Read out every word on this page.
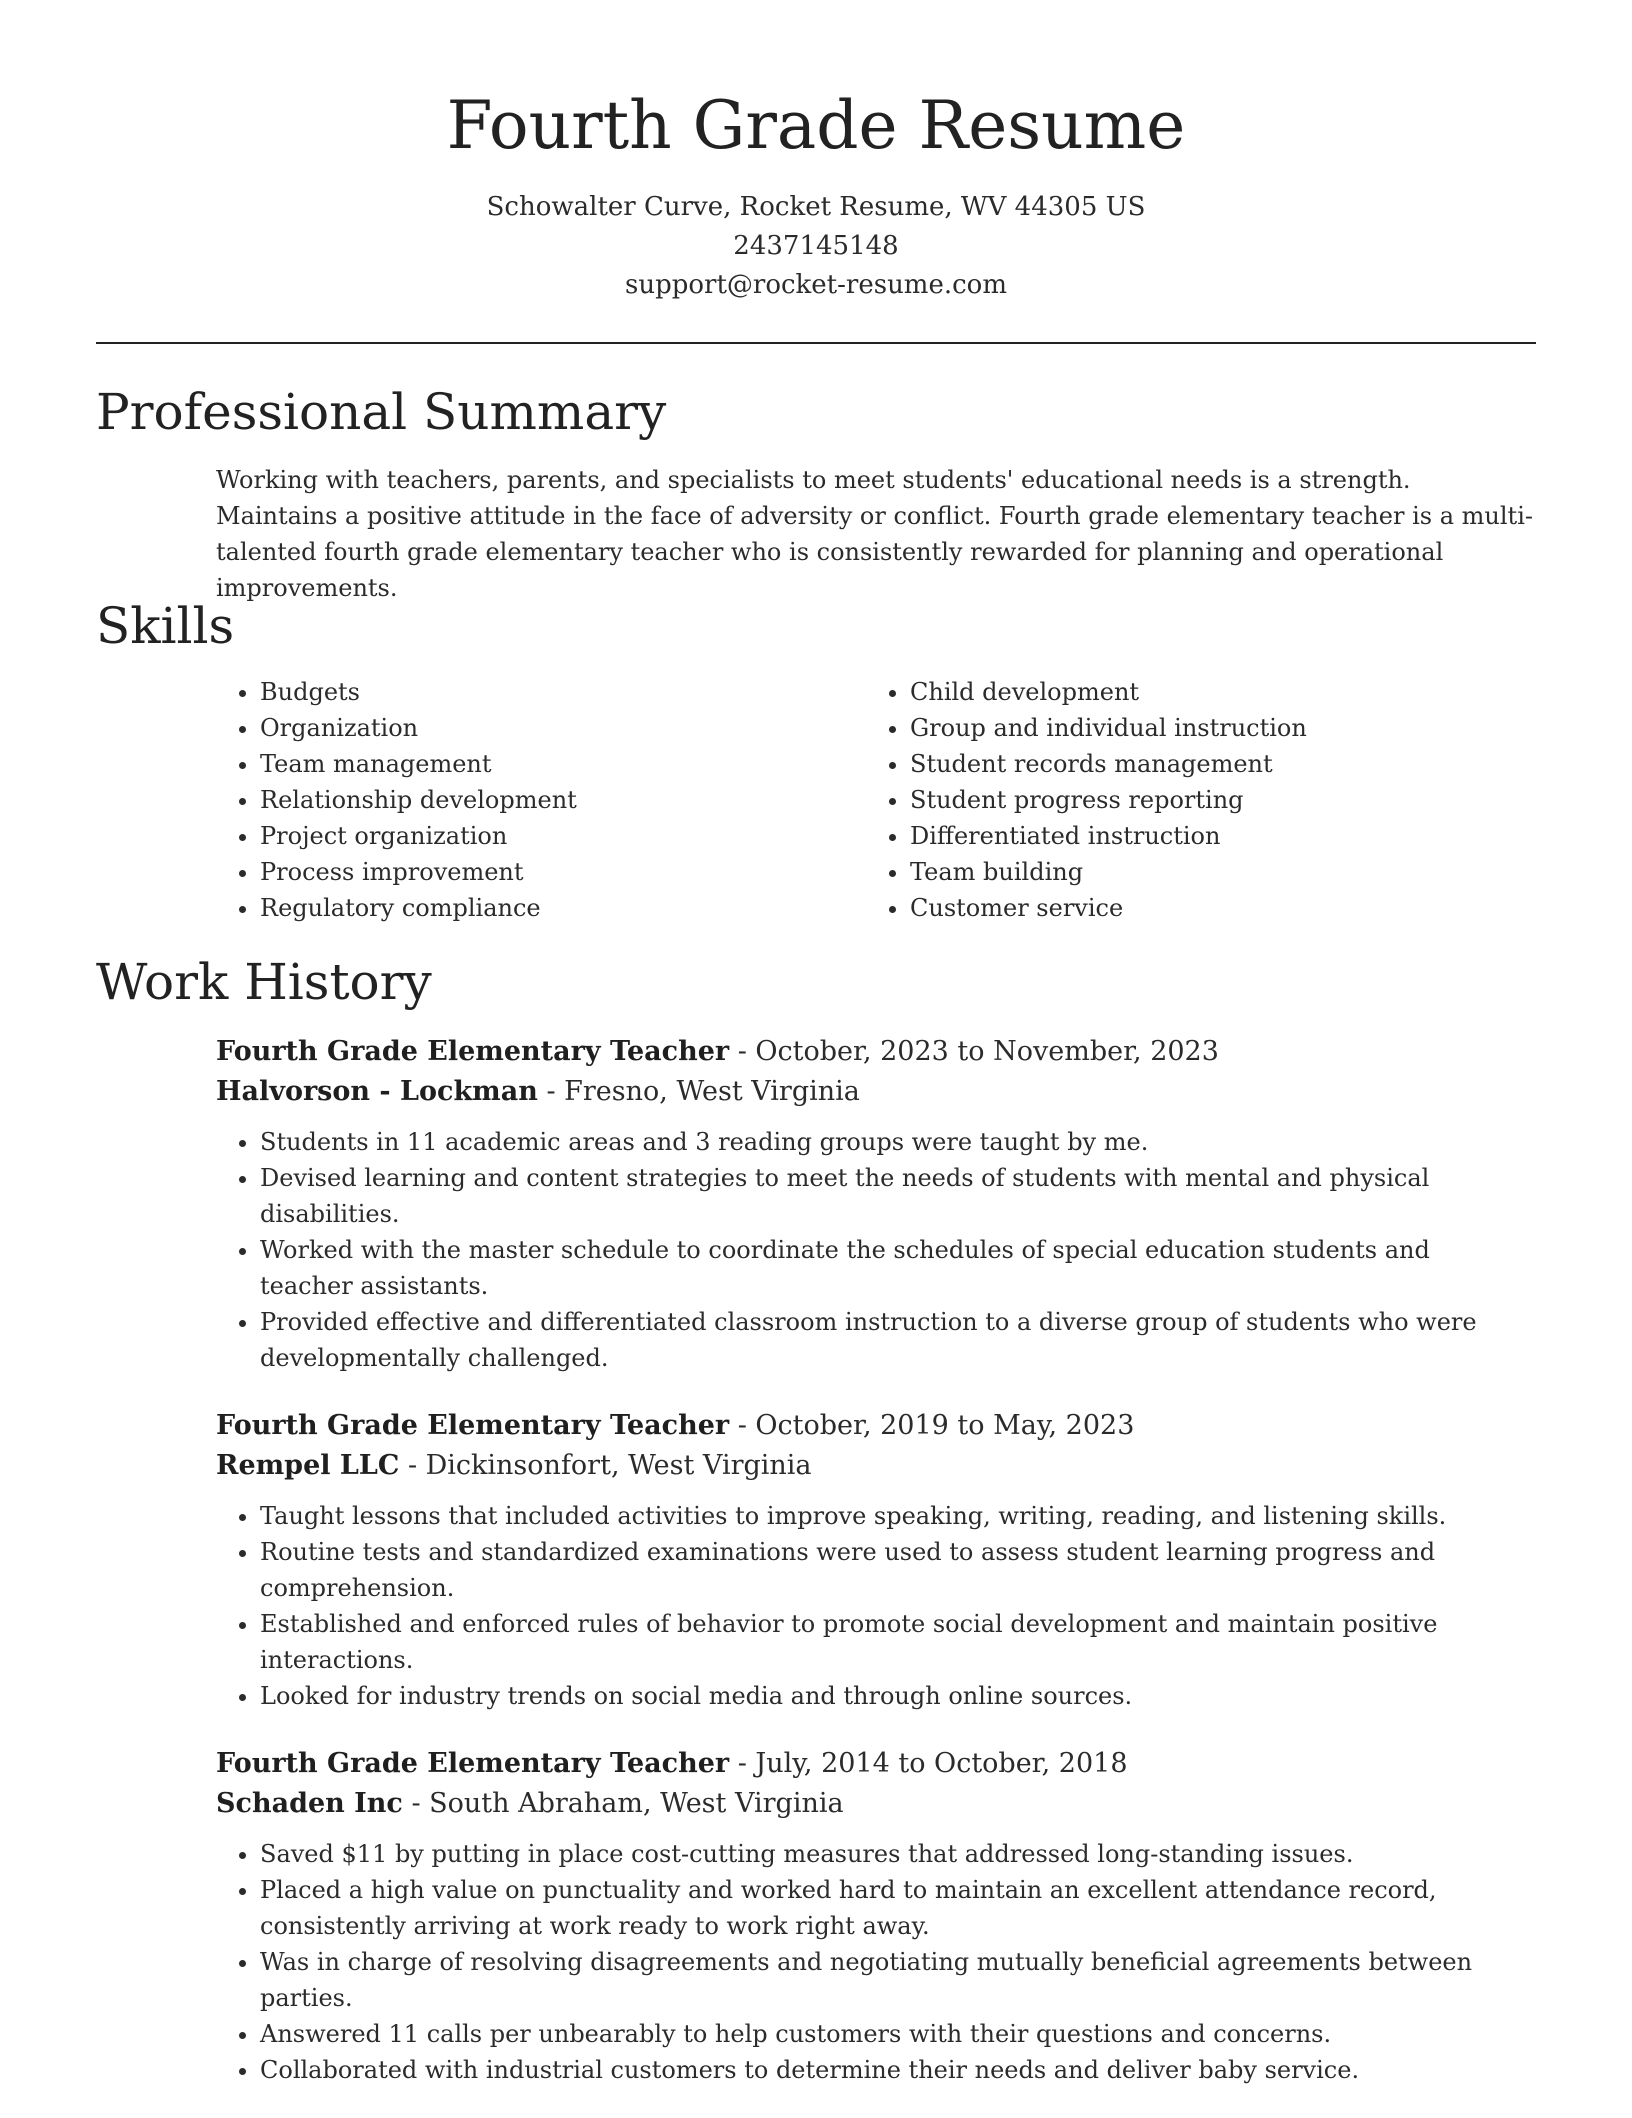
Fourth Grade Resume
Schowalter Curve, Rocket Resume, WV 44305 US
2437145148
support@rocket-resume.com
Professional Summary

Working with teachers, parents, and specialists to meet students' educational needs is a strength. Maintains a positive attitude in the face of adversity or conflict. Fourth grade elementary teacher is a multi-talented fourth grade elementary teacher who is consistently rewarded for planning and operational improvements.

Skills
• Budgets
• Organization
• Team management
• Relationship development
• Project organization
• Process improvement
• Regulatory compliance
• Child development
• Group and individual instruction
• Student records management
• Student progress reporting
• Differentiated instruction
• Team building
• Customer service
Work History
Fourth Grade Elementary Teacher - October, 2023 to November, 2023
Halvorson - Lockman - Fresno, West Virginia
• Students in 11 academic areas and 3 reading groups were taught by me.
• Devised learning and content strategies to meet the needs of students with mental and physical disabilities.
• Worked with the master schedule to coordinate the schedules of special education students and teacher assistants.
• Provided effective and differentiated classroom instruction to a diverse group of students who were developmentally challenged.
Fourth Grade Elementary Teacher - October, 2019 to May, 2023
Rempel LLC - Dickinsonfort, West Virginia
• Taught lessons that included activities to improve speaking, writing, reading, and listening skills.
• Routine tests and standardized examinations were used to assess student learning progress and comprehension.
• Established and enforced rules of behavior to promote social development and maintain positive interactions.
• Looked for industry trends on social media and through online sources.
Fourth Grade Elementary Teacher - July, 2014 to October, 2018
Schaden Inc - South Abraham, West Virginia
• Saved $11 by putting in place cost-cutting measures that addressed long-standing issues.
• Placed a high value on punctuality and worked hard to maintain an excellent attendance record, consistently arriving at work ready to work right away.
• Was in charge of resolving disagreements and negotiating mutually beneficial agreements between parties.
• Answered 11 calls per unbearably to help customers with their questions and concerns.
• Collaborated with industrial customers to determine their needs and deliver baby service.
